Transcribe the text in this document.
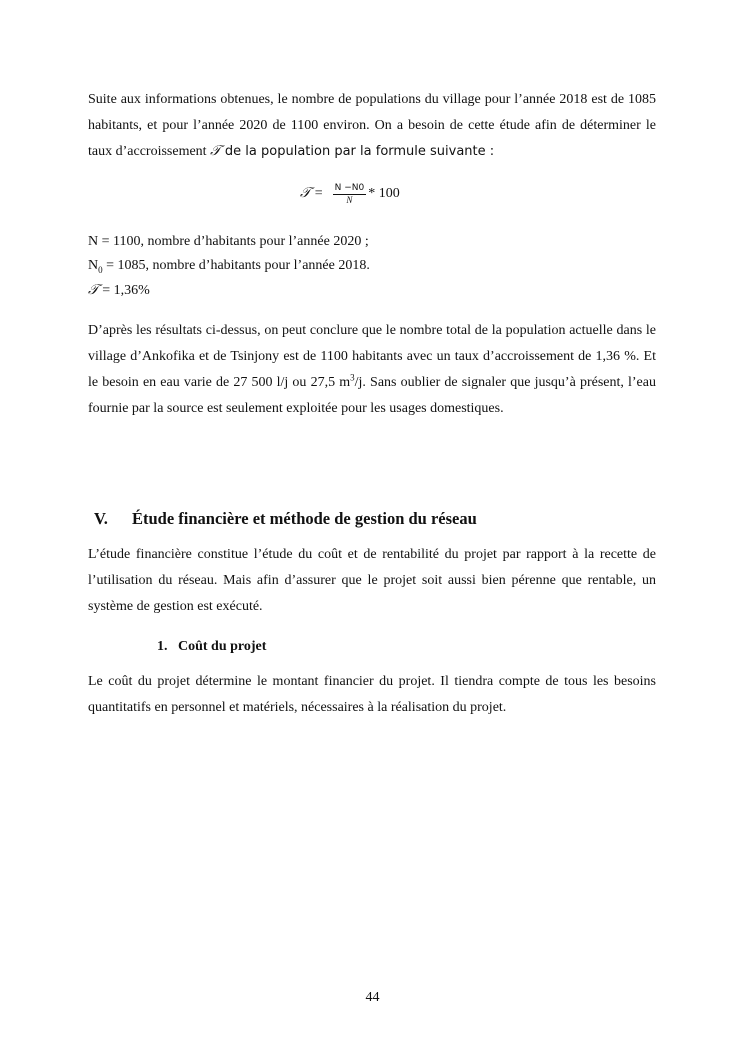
Suite aux informations obtenues, le nombre de populations du village pour l’année 2018 est de 1085 habitants, et pour l’année 2020 de 1100 environ. On a besoin de cette étude afin de déterminer le taux d’accroissement 𝒯 de la population par la formule suivante :

𝒯 = $\frac{N -N0}{N} * 100$
N = 1100, nombre d’habitants pour l’année 2020 ;
$N_0 = 1085$, nombre d’habitants pour l’année 2018.
𝒯 = 1,36%

D’après les résultats ci-dessus, on peut conclure que le nombre total de la population actuelle dans le village d’Ankofika et de Tsinjony est de 1100 habitants avec un taux d’accroissement de 1,36 %. Et le besoin en eau varie de 27 500 l/j ou 27,5 $m^3/j$. Sans oublier de signaler que jusqu’à présent, l’eau fournie par la source est seulement exploitée pour les usages domestiques.

V.	Étude financière et méthode de gestion du réseau

L’étude financière constitue l’étude du coût et de rentabilité du projet par rapport à la recette de l’utilisation du réseau. Mais afin d’assurer que le projet soit aussi bien pérenne que rentable, un système de gestion est exécuté.

1. Coût du projet

Le coût du projet détermine le montant financier du projet. Il tiendra compte de tous les besoins quantitatifs en personnel et matériels, nécessaires à la réalisation du projet.

44
